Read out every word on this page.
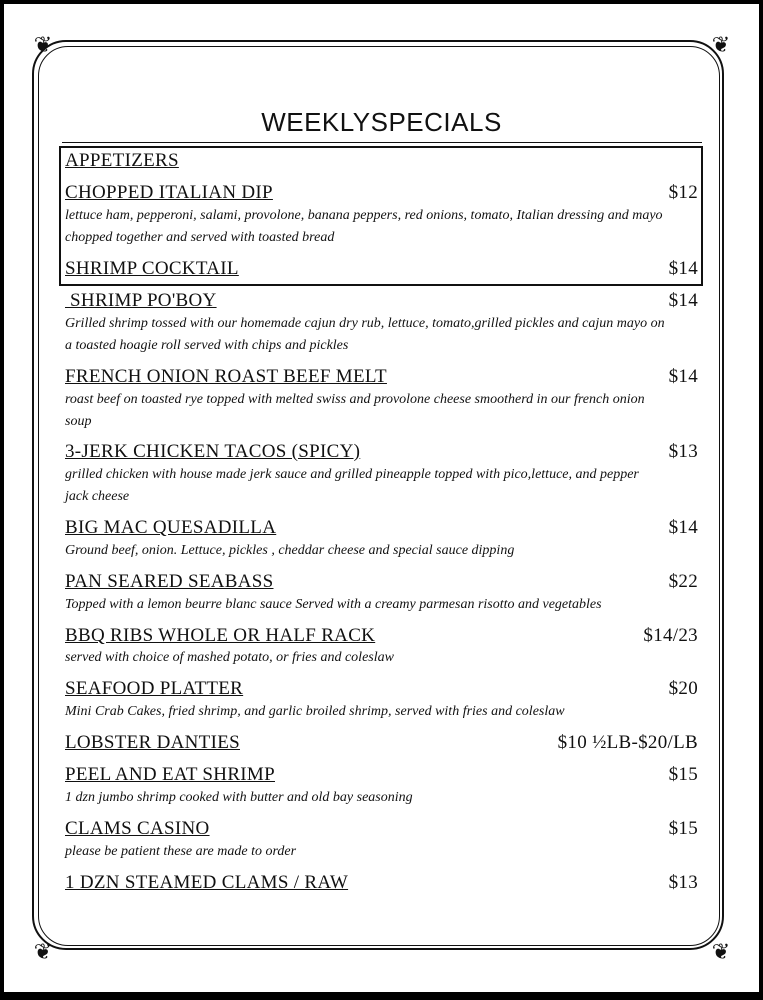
❦	❦
❦	❦
WEEKLYSPECIALS
APPETIZERS
CHOPPED ITALIAN DIP	$12
lettuce ham, pepperoni, salami, provolone, banana peppers, red onions, tomato, Italian dressing and mayo chopped together and served with toasted bread
SHRIMP COCKTAIL	$14
SHRIMP PO'BOY	$14
Grilled shrimp tossed with our homemade cajun dry rub, lettuce, tomato,grilled pickles and cajun mayo on a toasted hoagie roll served with chips and pickles
FRENCH ONION ROAST BEEF MELT	$14
roast beef on toasted rye topped with melted swiss and provolone cheese smootherd in our french onion soup
3-JERK CHICKEN TACOS (SPICY)	$13
grilled chicken with house made jerk sauce and grilled pineapple topped with pico,lettuce, and pepper jack cheese
BIG MAC QUESADILLA	$14
Ground beef, onion. Lettuce, pickles , cheddar cheese and special sauce dipping
PAN SEARED SEABASS	$22
Topped with a lemon beurre blanc sauce Served with a creamy parmesan risotto and vegetables
BBQ RIBS WHOLE OR HALF RACK	$14/23
served with choice of mashed potato, or fries and coleslaw
SEAFOOD PLATTER	$20
Mini Crab Cakes, fried shrimp, and garlic broiled shrimp, served with fries and coleslaw
LOBSTER DANTIES	$10 ½LB-$20/LB
PEEL AND EAT SHRIMP	$15
1 dzn jumbo shrimp cooked with butter and old bay seasoning
CLAMS CASINO	$15
please be patient these are made to order
1 DZN STEAMED CLAMS / RAW	$13
